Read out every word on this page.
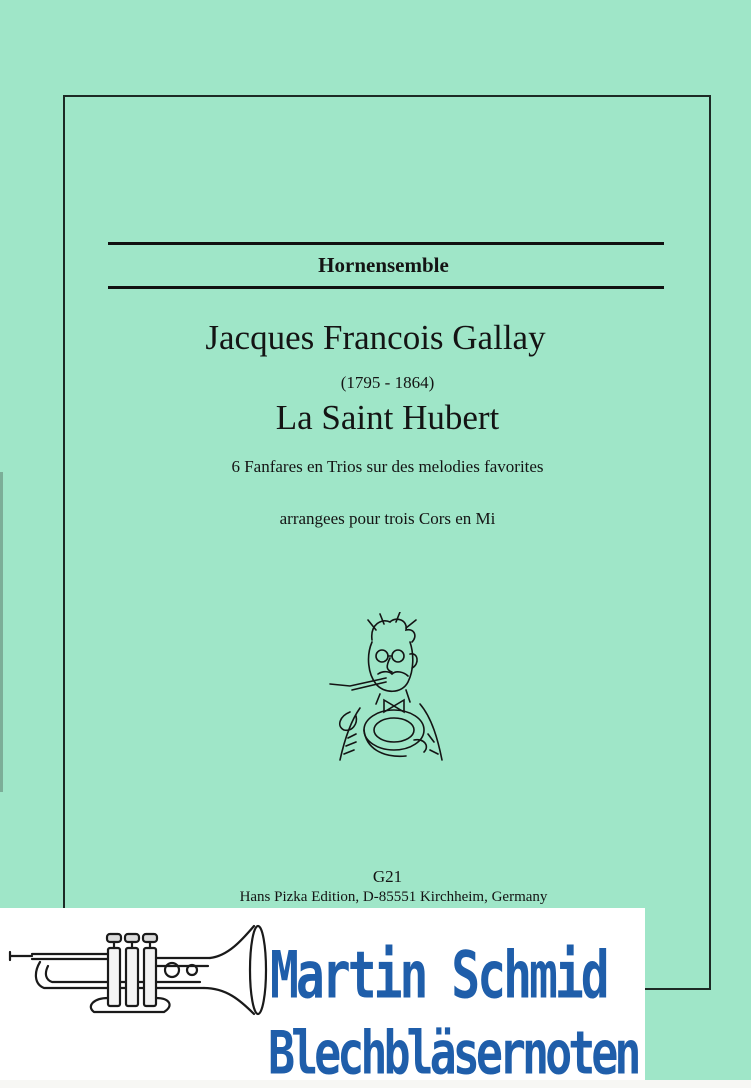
Hornensemble
Jacques Francois Gallay
(1795 - 1864)
La Saint Hubert
6 Fanfares en Trios sur des melodies favorites
arrangees pour trois Cors en Mi
G21
Hans Pizka Edition, D-85551 Kirchheim, Germany
Martin Schmid
Blechbläsernoten
